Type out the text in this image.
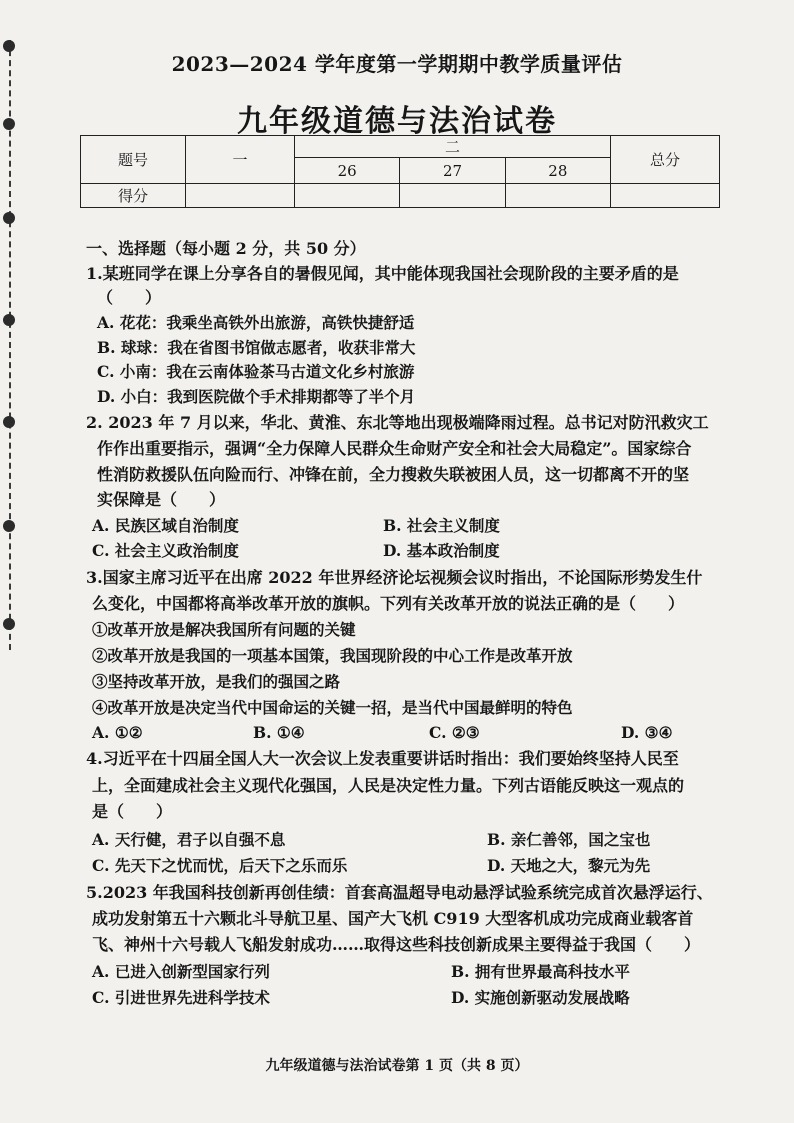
2023—2024 学年度第一学期期中教学质量评估
九年级道德与法治试卷
题号	一	二			总分
		26	27	28	
得分					
一、选择题（每小题 2 分，共 50 分）
1.某班同学在课上分享各自的暑假见闻，其中能体现我国社会现阶段的主要矛盾的是
（　　）
A. 花花：我乘坐高铁外出旅游，高铁快捷舒适
B. 球球：我在省图书馆做志愿者，收获非常大
C. 小南：我在云南体验茶马古道文化乡村旅游
D. 小白：我到医院做个手术排期都等了半个月
2. 2023 年 7 月以来，华北、黄淮、东北等地出现极端降雨过程。总书记对防汛救灾工
作作出重要指示，强调“全力保障人民群众生命财产安全和社会大局稳定”。国家综合
性消防救援队伍向险而行、冲锋在前，全力搜救失联被困人员，这一切都离不开的坚
实保障是（　　）
A. 民族区域自治制度	B. 社会主义制度
C. 社会主义政治制度	D. 基本政治制度
3.国家主席习近平在出席 2022 年世界经济论坛视频会议时指出，不论国际形势发生什
么变化，中国都将高举改革开放的旗帜。下列有关改革开放的说法正确的是（　　）
①改革开放是解决我国所有问题的关键
②改革开放是我国的一项基本国策，我国现阶段的中心工作是改革开放
③坚持改革开放，是我们的强国之路
④改革开放是决定当代中国命运的关键一招，是当代中国最鲜明的特色
A. ①②	B. ①④	C. ②③	D. ③④
4.习近平在十四届全国人大一次会议上发表重要讲话时指出：我们要始终坚持人民至
上，全面建成社会主义现代化强国，人民是决定性力量。下列古语能反映这一观点的
是（　　）
A. 天行健，君子以自强不息	B. 亲仁善邻，国之宝也
C. 先天下之忧而忧，后天下之乐而乐	D. 天地之大，黎元为先
5.2023 年我国科技创新再创佳绩：首套高温超导电动悬浮试验系统完成首次悬浮运行、
成功发射第五十六颗北斗导航卫星、国产大飞机 C919 大型客机成功完成商业载客首
飞、神州十六号载人飞船发射成功……取得这些科技创新成果主要得益于我国（　　）
A. 已进入创新型国家行列	B. 拥有世界最高科技水平
C. 引进世界先进科学技术	D. 实施创新驱动发展战略
九年级道德与法治试卷第 1 页（共 8 页）
